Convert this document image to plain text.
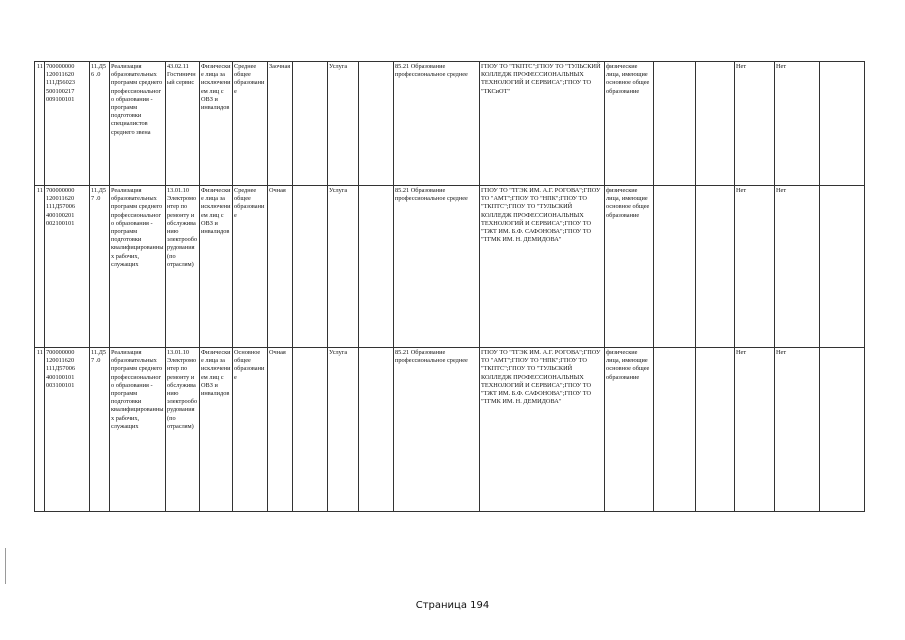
11	700000000 120011620 111Д56023 500100217 009100101	11.Д56 .0	Реализация образовательных программ среднего профессионального образования - программ подготовки специалистов среднего звена	43.02.11 Гостиничный сервис	Физические лица за исключением лиц с ОВЗ и инвалидов	Среднее общее образование	Заочная		Услуга		85.21 Образование профессиональное среднее	ГПОУ ТО "ТКПТС";ГПОУ ТО "ТУЛЬСКИЙ КОЛЛЕДЖ ПРОФЕССИОНАЛЬНЫХ ТЕХНОЛОГИЙ И СЕРВИСА";ГПОУ ТО "ТКСиОТ"	физические лица, имеющие основное общее образование			Нет	Нет	
11	700000000 120011620 111Д57006 400100201 002100101	11.Д57 .0	Реализация образовательных программ среднего профессионального образования - программ подготовки квалифицированных рабочих, служащих	13.01.10 Электромонтер по ремонту и обслуживанию электрооборудования (по отраслям)	Физические лица за исключением лиц с ОВЗ и инвалидов	Среднее общее образование	Очная		Услуга		85.21 Образование профессиональное среднее	ГПОУ ТО "ТГЭК ИМ. А.Г. РОГОВА";ГПОУ ТО "АМТ";ГПОУ ТО "НПК";ГПОУ ТО "ТКПТС";ГПОУ ТО "ТУЛЬСКИЙ КОЛЛЕДЖ ПРОФЕССИОНАЛЬНЫХ ТЕХНОЛОГИЙ И СЕРВИСА";ГПОУ ТО "ТЖТ ИМ. Б.Ф. САФОНОВА";ГПОУ ТО "ТГМК ИМ. Н. ДЕМИДОВА"	физические лица, имеющие основное общее образование			Нет	Нет	
11	700000000 120011620 111Д57006 400100101 003100101	11.Д57 .0	Реализация образовательных программ среднего профессионального образования - программ подготовки квалифицированных рабочих, служащих	13.01.10 Электромонтер по ремонту и обслуживанию электрооборудования (по отраслям)	Физические лица за исключением лиц с ОВЗ и инвалидов	Основное общее образование	Очная		Услуга		85.21 Образование профессиональное среднее	ГПОУ ТО "ТГЭК ИМ. А.Г. РОГОВА";ГПОУ ТО "АМТ";ГПОУ ТО "НПК";ГПОУ ТО "ТКПТС";ГПОУ ТО "ТУЛЬСКИЙ КОЛЛЕДЖ ПРОФЕССИОНАЛЬНЫХ ТЕХНОЛОГИЙ И СЕРВИСА";ГПОУ ТО "ТЖТ ИМ. Б.Ф. САФОНОВА";ГПОУ ТО "ТГМК ИМ. Н. ДЕМИДОВА"	физические лица, имеющие основное общее образование			Нет	Нет	
Страница 194
